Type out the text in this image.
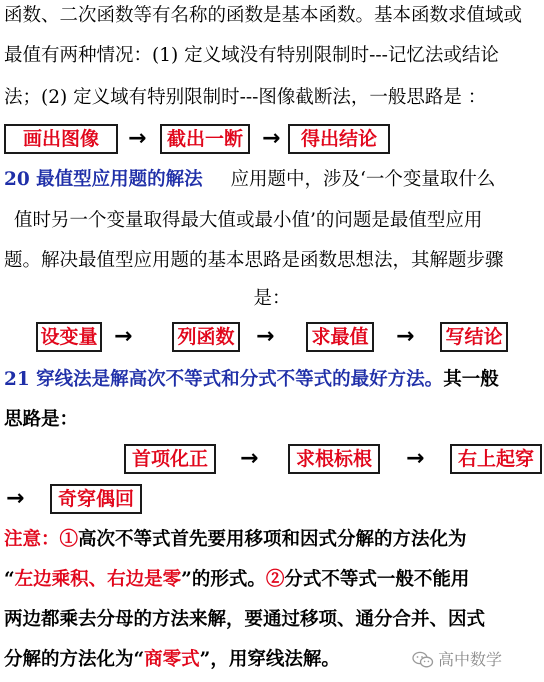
函数、二次函数等有名称的函数是基本函数。基本函数求值域或
最值有两种情况：(1) 定义域没有特别限制时---记忆法或结论
法；(2) 定义域有特别限制时---图像截断法，一般思路是 ：
画出图像	→	截出一断 →	得出结论
20 最值型应用题的解法 应用题中，涉及‘一个变量取什么
值时另一个变量取得最大值或最小值’的问题是最值型应用
题。解决最值型应用题的基本思路是函数思想法，其解题步骤
是：
设变量 → 列函数 → 求最值 → 写结论
21 穿线法是解高次不等式和分式不等式的最好方法。其一般
思路是：
首项化正	→	求根标根	→	右上起穿
→	奇穿偶回
注意：①高次不等式首先要用移项和因式分解的方法化为
“左边乘积、右边是零”的形式。②分式不等式一般不能用
两边都乘去分母的方法来解，要通过移项、通分合并、因式
分解的方法化为“商零式”，用穿线法解。	高中数学
